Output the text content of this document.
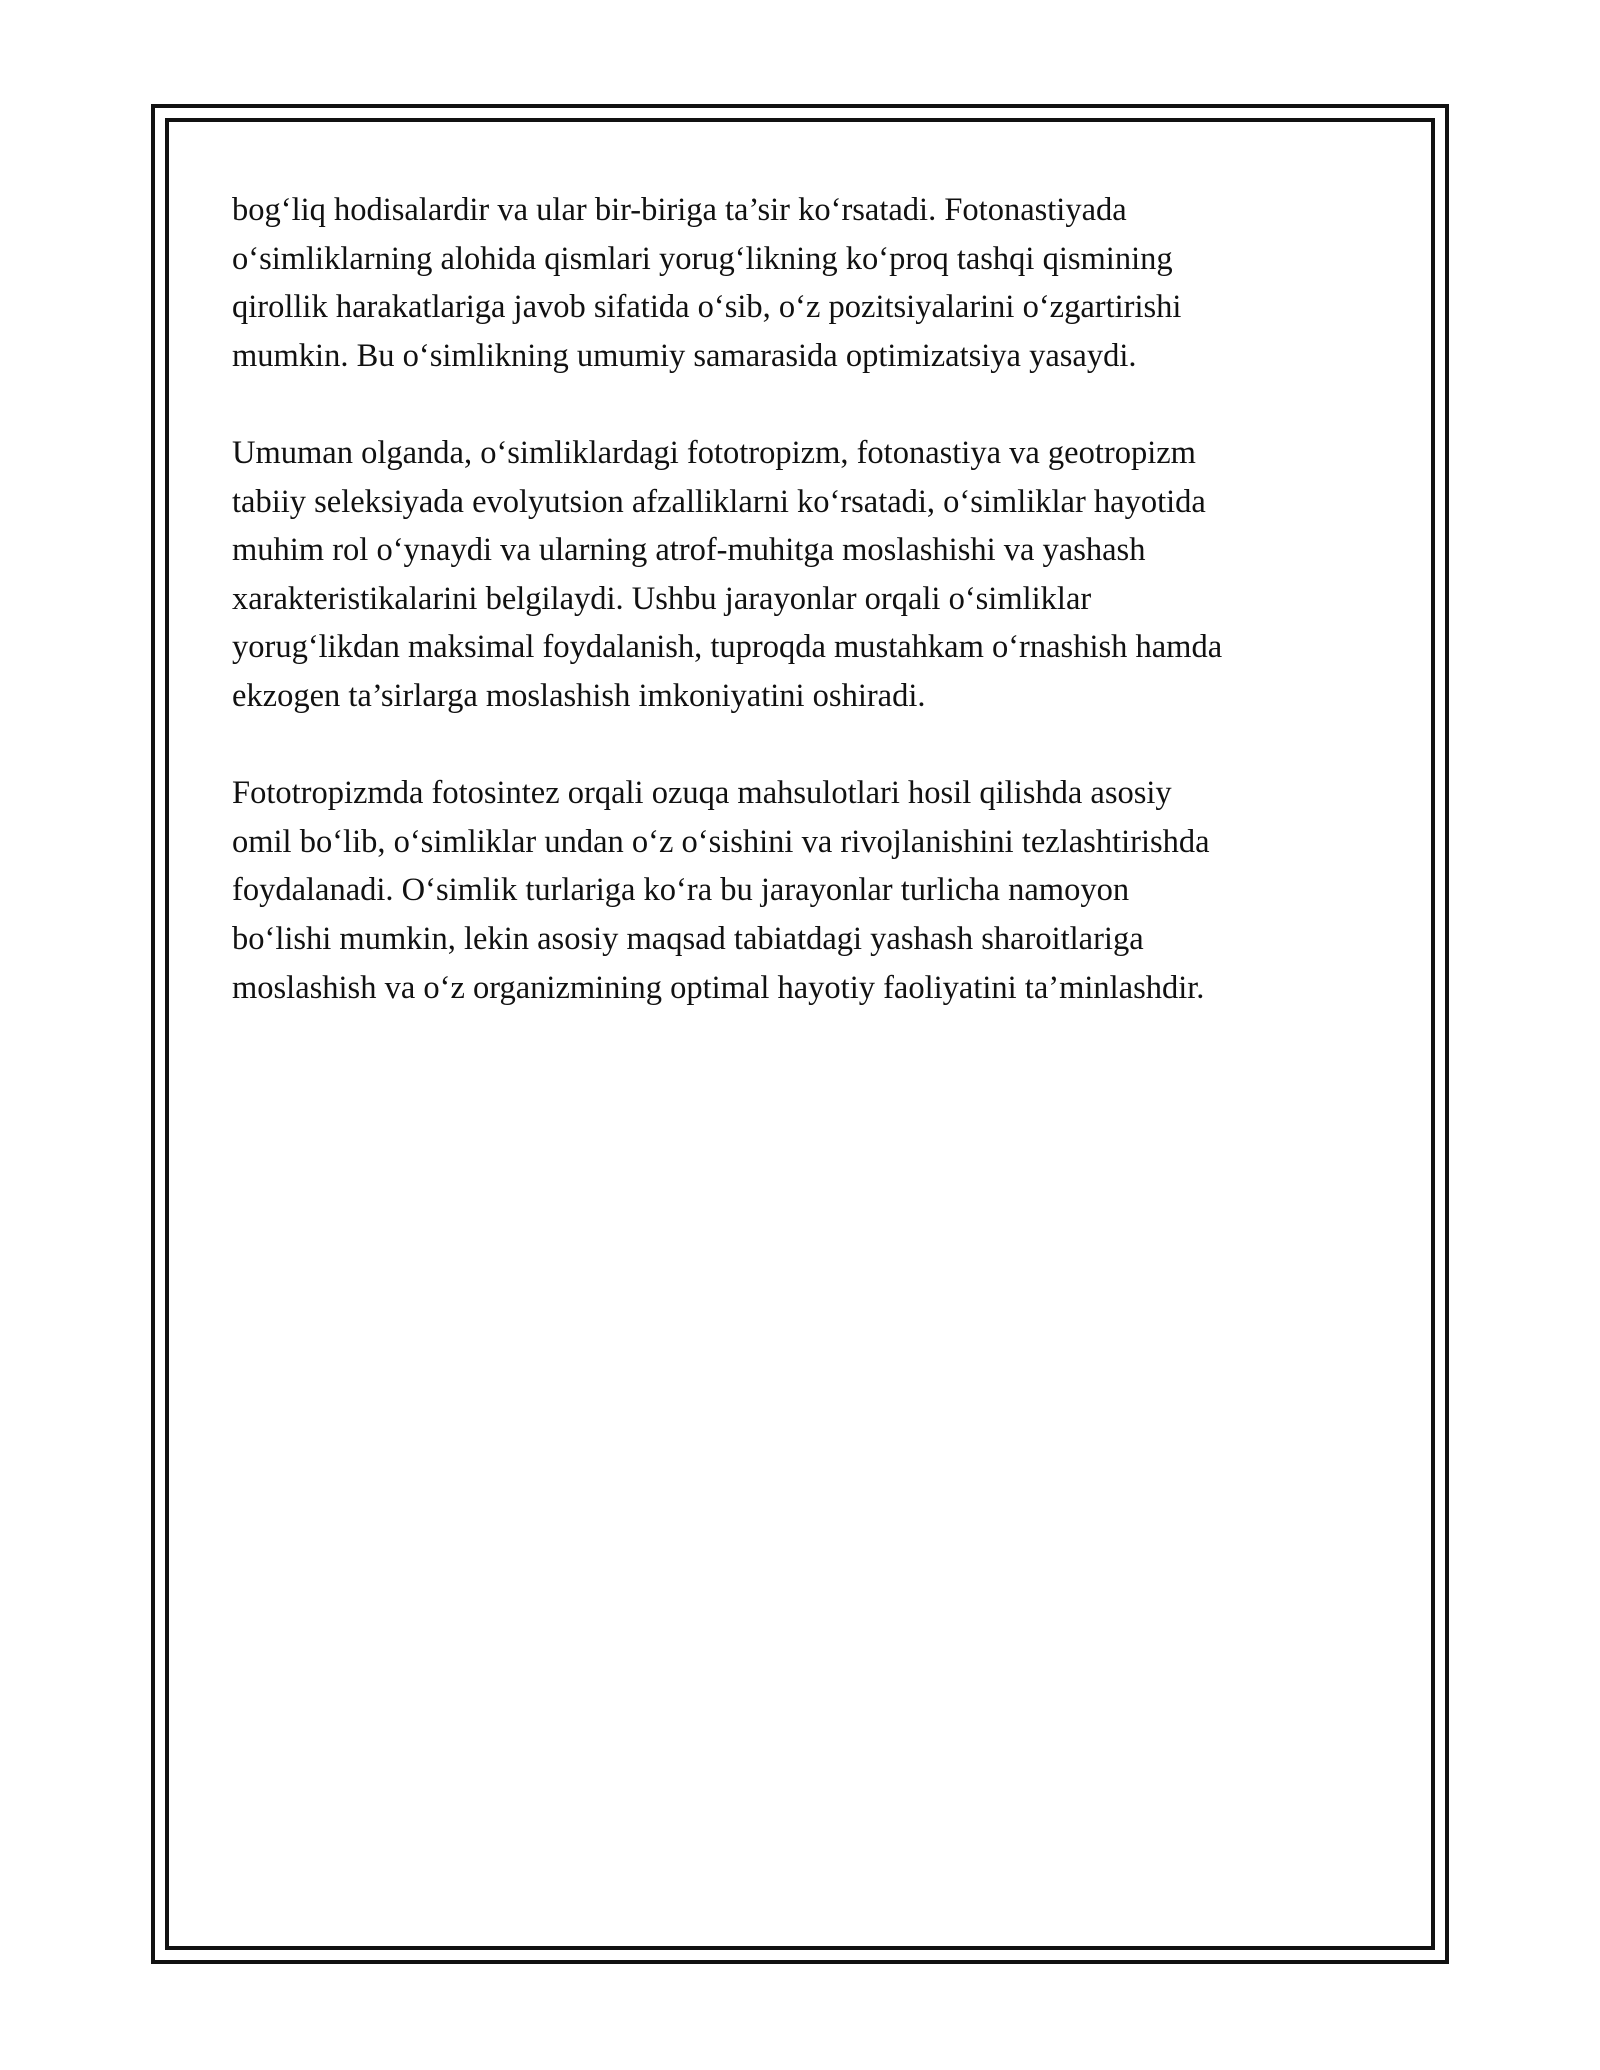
bog‘liq hodisalardir va ular bir-biriga ta’sir ko‘rsatadi. Fotonastiyada
o‘simliklarning alohida qismlari yorug‘likning ko‘proq tashqi qismining
qirollik harakatlariga javob sifatida o‘sib, o‘z pozitsiyalarini o‘zgartirishi
mumkin. Bu o‘simlikning umumiy samarasida optimizatsiya yasaydi.

Umuman olganda, o‘simliklardagi fototropizm, fotonastiya va geotropizm
tabiiy seleksiyada evolyutsion afzalliklarni ko‘rsatadi, o‘simliklar hayotida
muhim rol o‘ynaydi va ularning atrof-muhitga moslashishi va yashash
xarakteristikalarini belgilaydi. Ushbu jarayonlar orqali o‘simliklar
yorug‘likdan maksimal foydalanish, tuproqda mustahkam o‘rnashish hamda
ekzogen ta’sirlarga moslashish imkoniyatini oshiradi.

Fototropizmda fotosintez orqali ozuqa mahsulotlari hosil qilishda asosiy
omil bo‘lib, o‘simliklar undan o‘z o‘sishini va rivojlanishini tezlashtirishda
foydalanadi. O‘simlik turlariga ko‘ra bu jarayonlar turlicha namoyon
bo‘lishi mumkin, lekin asosiy maqsad tabiatdagi yashash sharoitlariga
moslashish va o‘z organizmining optimal hayotiy faoliyatini ta’minlashdir.
